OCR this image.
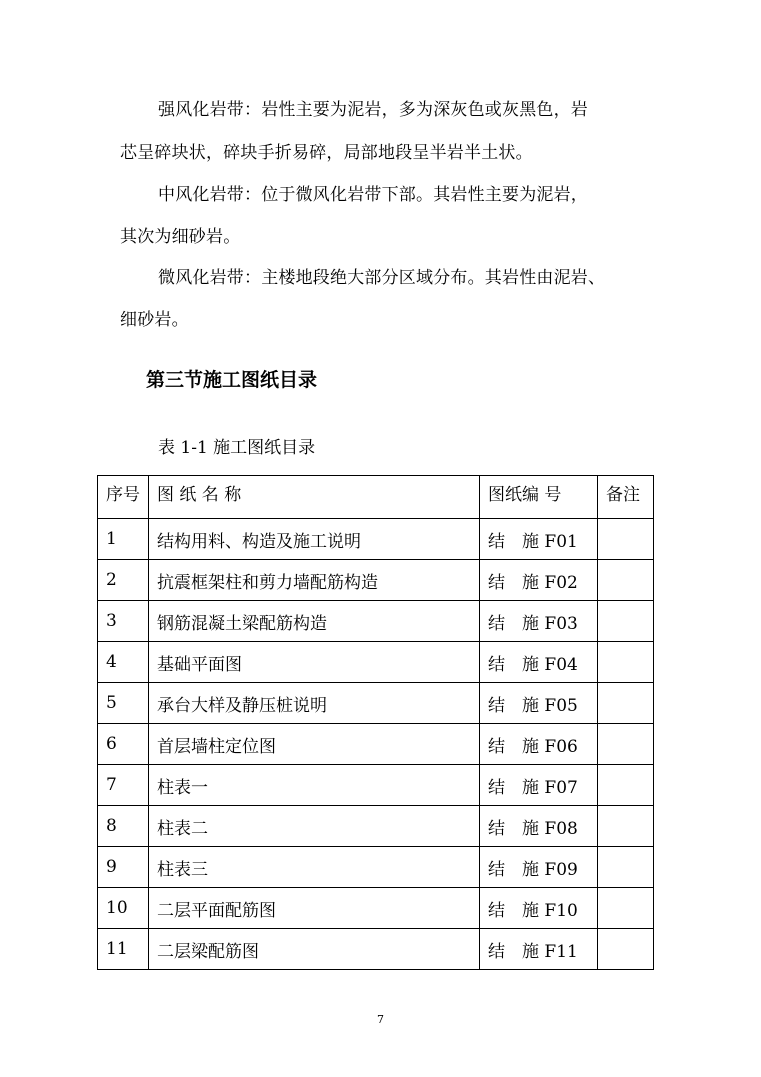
强风化岩带：岩性主要为泥岩，多为深灰色或灰黑色，岩
芯呈碎块状，碎块手折易碎，局部地段呈半岩半土状。
中风化岩带：位于微风化岩带下部。其岩性主要为泥岩，
其次为细砂岩。
微风化岩带：主楼地段绝大部分区域分布。其岩性由泥岩、
细砂岩。
第三节施工图纸目录
表 1-1 施工图纸目录
序号	图 纸 名 称	图纸编 号	备注
1	结构用料、构造及施工说明	结　施 F01	
2	抗震框架柱和剪力墙配筋构造	结　施 F02	
3	钢筋混凝土梁配筋构造	结　施 F03	
4	基础平面图	结　施 F04	
5	承台大样及静压桩说明	结　施 F05	
6	首层墙柱定位图	结　施 F06	
7	柱表一	结　施 F07	
8	柱表二	结　施 F08	
9	柱表三	结　施 F09	
10	二层平面配筋图	结　施 F10	
11	二层梁配筋图	结　施 F11	
7
